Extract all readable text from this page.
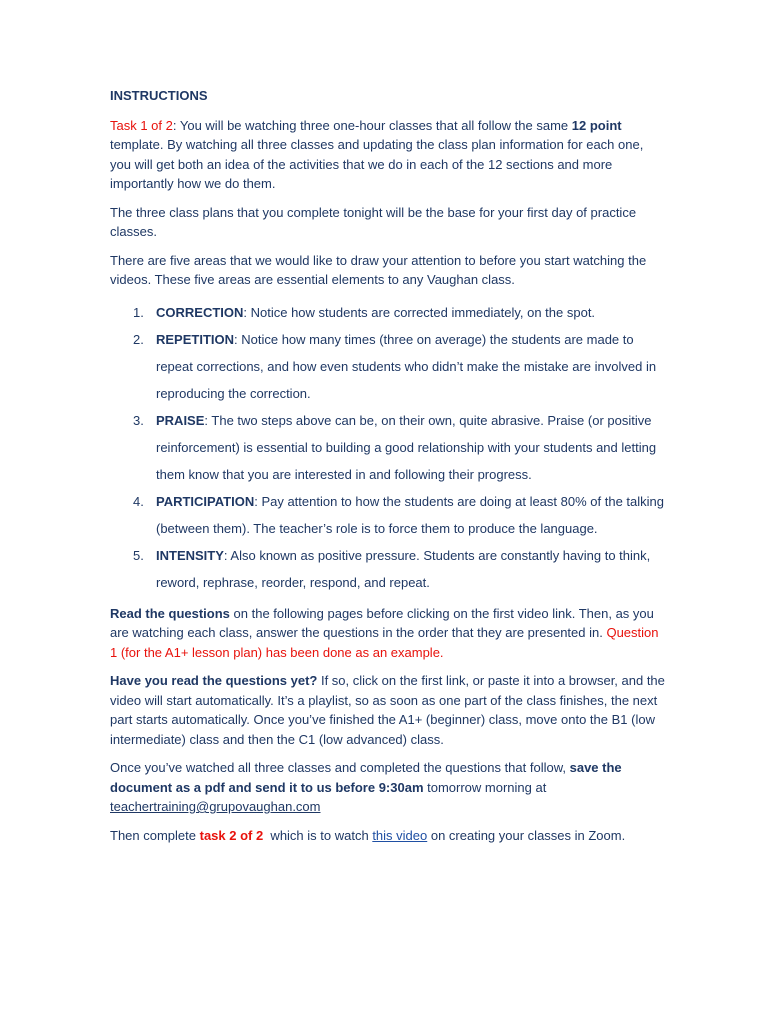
INSTRUCTIONS

Task 1 of 2: You will be watching three one-hour classes that all follow the same 12 point template. By watching all three classes and updating the class plan information for each one, you will get both an idea of the activities that we do in each of the 12 sections and more importantly how we do them.

The three class plans that you complete tonight will be the base for your first day of practice classes.

There are five areas that we would like to draw your attention to before you start watching the videos. These five areas are essential elements to any Vaughan class.

1. CORRECTION: Notice how students are corrected immediately, on the spot.
2. REPETITION: Notice how many times (three on average) the students are made to repeat corrections, and how even students who didn’t make the mistake are involved in reproducing the correction.
3. PRAISE: The two steps above can be, on their own, quite abrasive. Praise (or positive reinforcement) is essential to building a good relationship with your students and letting them know that you are interested in and following their progress.
4. PARTICIPATION: Pay attention to how the students are doing at least 80% of the talking (between them). The teacher’s role is to force them to produce the language.
5. INTENSITY: Also known as positive pressure. Students are constantly having to think, reword, rephrase, reorder, respond, and repeat.

Read the questions on the following pages before clicking on the first video link. Then, as you are watching each class, answer the questions in the order that they are presented in. Question 1 (for the A1+ lesson plan) has been done as an example.

Have you read the questions yet? If so, click on the first link, or paste it into a browser, and the video will start automatically. It’s a playlist, so as soon as one part of the class finishes, the next part starts automatically. Once you’ve finished the A1+ (beginner) class, move onto the B1 (low intermediate) class and then the C1 (low advanced) class.

Once you’ve watched all three classes and completed the questions that follow, save the document as a pdf and send it to us before 9:30am tomorrow morning at
teachertraining@grupovaughan.com

Then complete task 2 of 2  which is to watch this video on creating your classes in Zoom.
